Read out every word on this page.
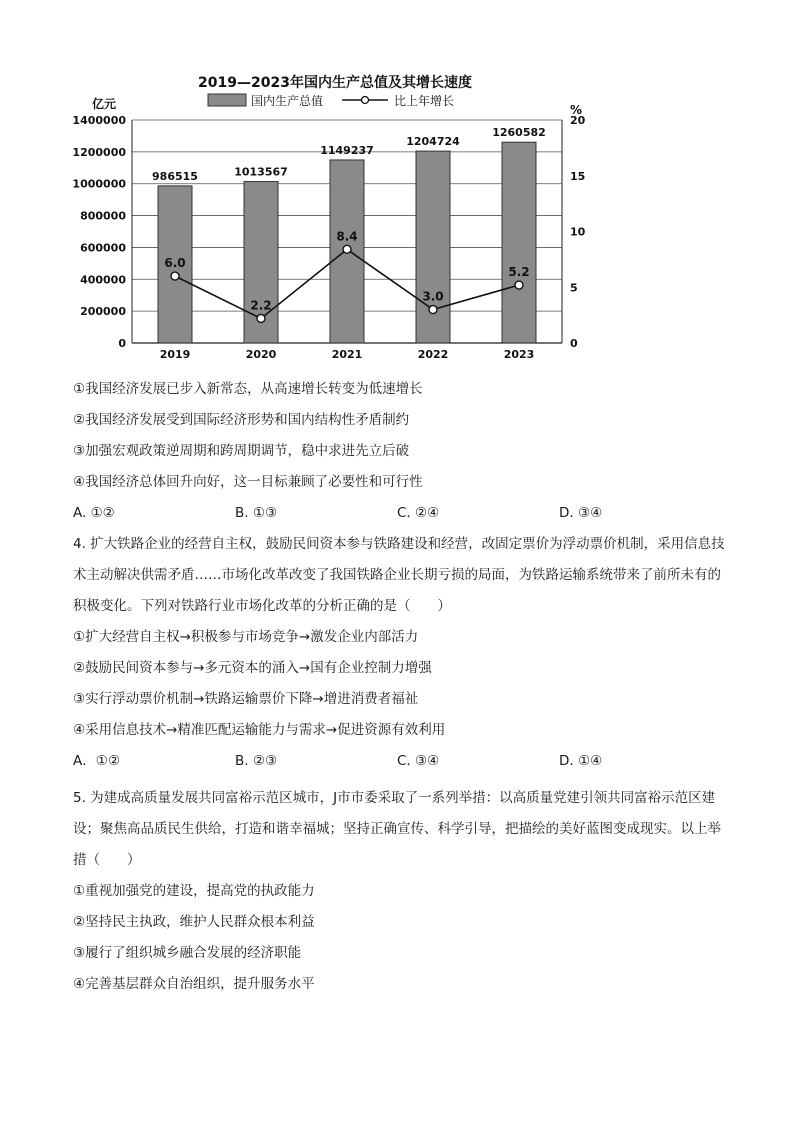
2019—2023年国内生产总值及其增长速度
国内生产总值	比上年增长
亿元	%
0
200000
400000
600000
800000
1000000
1200000
1400000
0
5
10
15
20
986515
2019
1013567
2020
1149237
2021
1204724
2022
1260582
2023
6.0
2.2
8.4
3.0
5.2
①我国经济发展已步入新常态，从高速增长转变为低速增长
②我国经济发展受到国际经济形势和国内结构性矛盾制约
③加强宏观政策逆周期和跨周期调节，稳中求进先立后破
④我国经济总体回升向好，这一目标兼顾了必要性和可行性
A. ①②	B. ①③	C. ②④	D. ③④
4. 扩大铁路企业的经营自主权，鼓励民间资本参与铁路建设和经营，改固定票价为浮动票价机制，采用信息技术主动解决供需矛盾……市场化改革改变了我国铁路企业长期亏损的局面，为铁路运输系统带来了前所未有的积极变化。下列对铁路行业市场化改革的分析正确的是（　　）
①扩大经营自主权→积极参与市场竞争→激发企业内部活力
②鼓励民间资本参与→多元资本的涌入→国有企业控制力增强
③实行浮动票价机制→铁路运输票价下降→增进消费者福祉
④采用信息技术→精准匹配运输能力与需求→促进资源有效利用
A．①②	B. ②③	C. ③④	D. ①④
5. 为建成高质量发展共同富裕示范区城市，J市市委采取了一系列举措：以高质量党建引领共同富裕示范区建设；聚焦高品质民生供给，打造和谐幸福城；坚持正确宣传、科学引导，把描绘的美好蓝图变成现实。以上举措（　　）
①重视加强党的建设，提高党的执政能力
②坚持民主执政，维护人民群众根本利益
③履行了组织城乡融合发展的经济职能
④完善基层群众自治组织，提升服务水平
